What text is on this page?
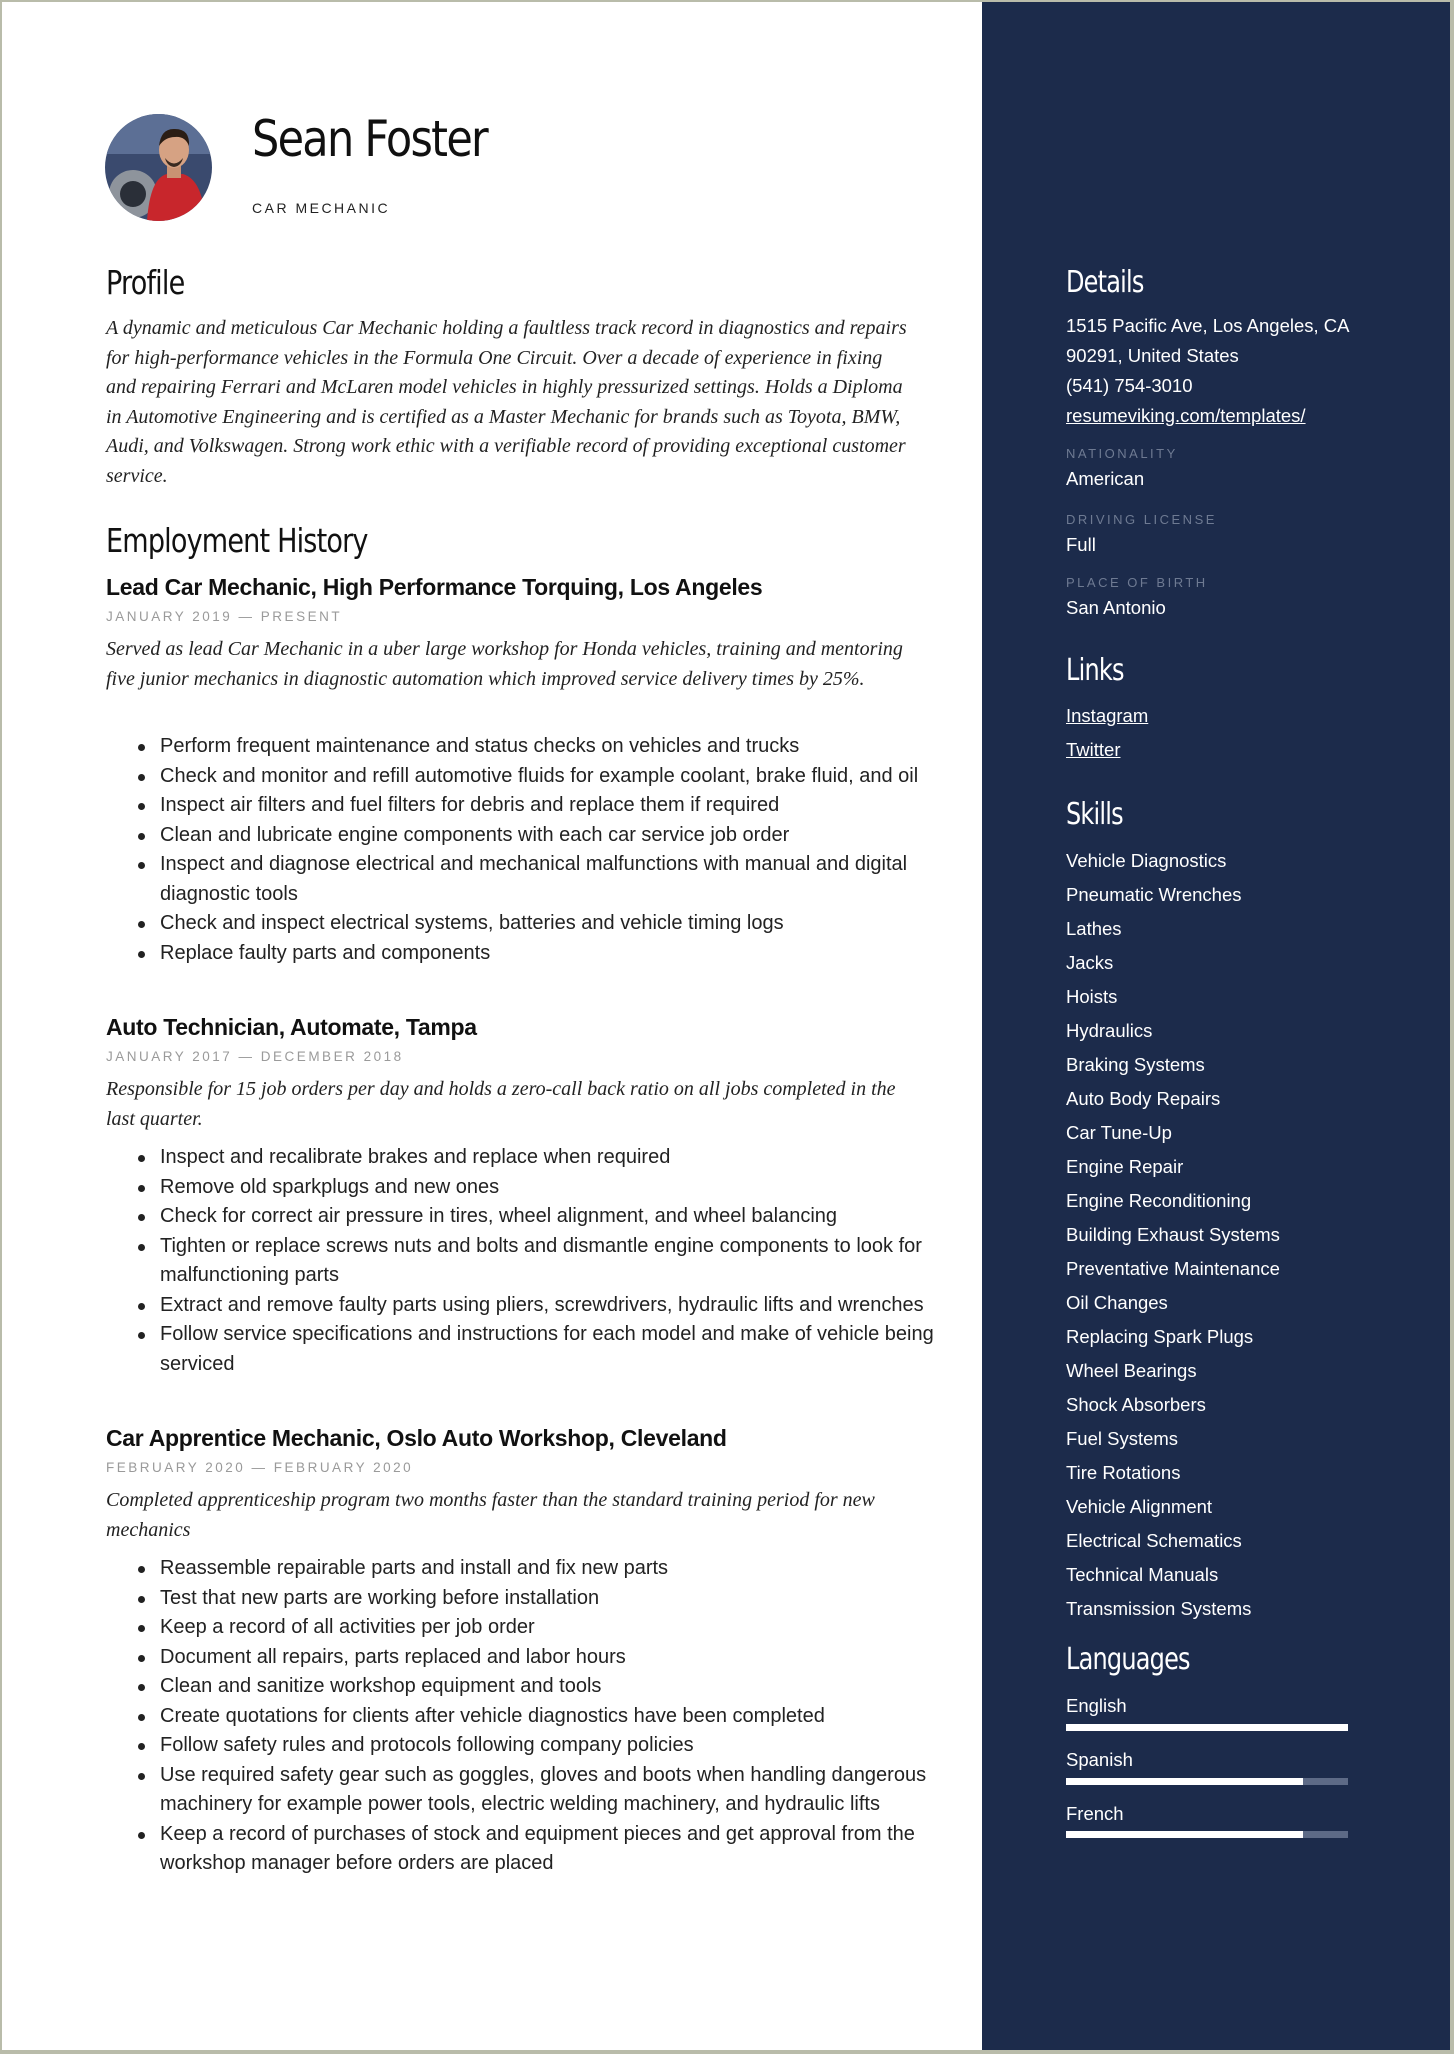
Sean Foster
CAR MECHANIC
Profile

A dynamic and meticulous Car Mechanic holding a faultless track record in diagnostics and repairs for high-performance vehicles in the Formula One Circuit. Over a decade of experience in fixing and repairing Ferrari and McLaren model vehicles in highly pressurized settings. Holds a Diploma in Automotive Engineering and is certified as a Master Mechanic for brands such as Toyota, BMW, Audi, and Volkswagen. Strong work ethic with a verifiable record of providing exceptional customer service.

Employment History
Lead Car Mechanic, High Performance Torquing, Los Angeles
JANUARY 2019 — PRESENT

Served as lead Car Mechanic in a uber large workshop for Honda vehicles, training and mentoring five junior mechanics in diagnostic automation which improved service delivery times by 25%.

Perform frequent maintenance and status checks on vehicles and trucks
Check and monitor and refill automotive fluids for example coolant, brake fluid, and oil
Inspect air filters and fuel filters for debris and replace them if required
Clean and lubricate engine components with each car service job order
Inspect and diagnose electrical and mechanical malfunctions with manual and digital diagnostic tools
Check and inspect electrical systems, batteries and vehicle timing logs
Replace faulty parts and components
Auto Technician, Automate, Tampa
JANUARY 2017 — DECEMBER 2018

Responsible for 15 job orders per day and holds a zero-call back ratio on all jobs completed in the last quarter.

Inspect and recalibrate brakes and replace when required
Remove old sparkplugs and new ones
Check for correct air pressure in tires, wheel alignment, and wheel balancing
Tighten or replace screws nuts and bolts and dismantle engine components to look for malfunctioning parts
Extract and remove faulty parts using pliers, screwdrivers, hydraulic lifts and wrenches
Follow service specifications and instructions for each model and make of vehicle being serviced
Car Apprentice Mechanic, Oslo Auto Workshop, Cleveland
FEBRUARY 2020 — FEBRUARY 2020

Completed apprenticeship program two months faster than the standard training period for new mechanics

Reassemble repairable parts and install and fix new parts
Test that new parts are working before installation
Keep a record of all activities per job order
Document all repairs, parts replaced and labor hours
Clean and sanitize workshop equipment and tools
Create quotations for clients after vehicle diagnostics have been completed
Follow safety rules and protocols following company policies
Use required safety gear such as goggles, gloves and boots when handling dangerous machinery for example power tools, electric welding machinery, and hydraulic lifts
Keep a record of purchases of stock and equipment pieces and get approval from the workshop manager before orders are placed
Details
1515 Pacific Ave, Los Angeles, CA
90291, United States
(541) 754-3010
resumeviking.com/templates/
NATIONALITY
American
DRIVING LICENSE
Full
PLACE OF BIRTH
San Antonio
Links
Instagram
Twitter
Skills
Vehicle Diagnostics
Pneumatic Wrenches
Lathes
Jacks
Hoists
Hydraulics
Braking Systems
Auto Body Repairs
Car Tune-Up
Engine Repair
Engine Reconditioning
Building Exhaust Systems
Preventative Maintenance
Oil Changes
Replacing Spark Plugs
Wheel Bearings
Shock Absorbers
Fuel Systems
Tire Rotations
Vehicle Alignment
Electrical Schematics
Technical Manuals
Transmission Systems
Languages
English
Spanish
French
